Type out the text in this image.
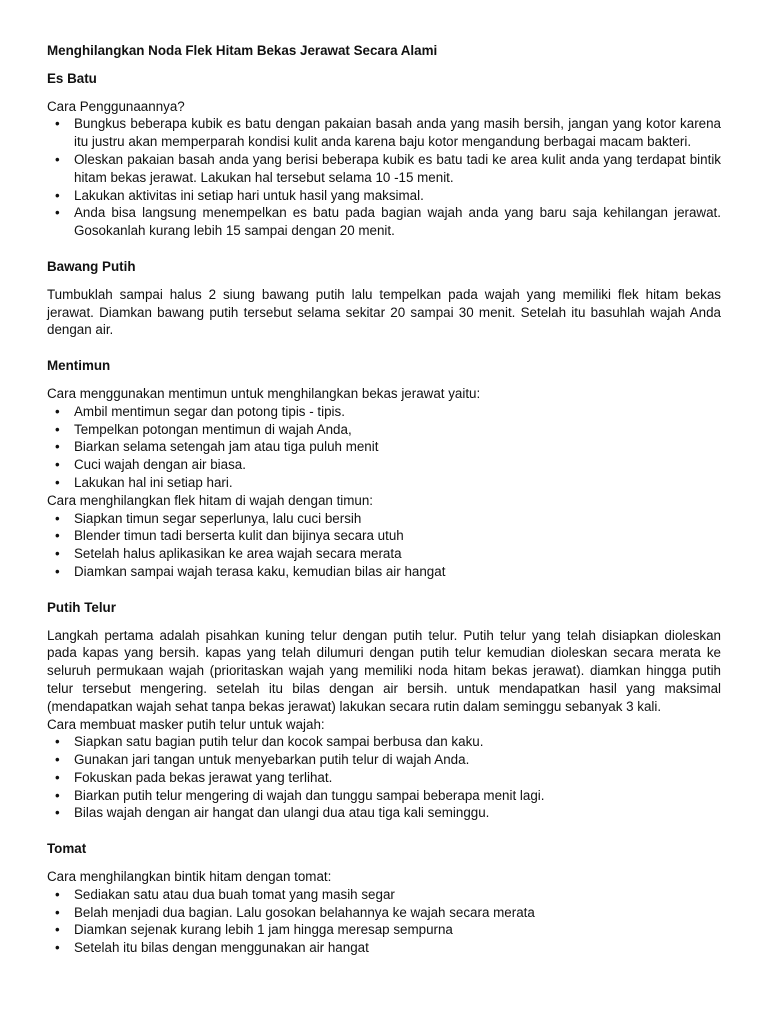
Menghilangkan Noda Flek Hitam Bekas Jerawat Secara Alami

Es Batu

Cara Penggunaannya?

• Bungkus beberapa kubik es batu dengan pakaian basah anda yang masih bersih, jangan yang kotor karena itu justru akan memperparah kondisi kulit anda karena baju kotor mengandung berbagai macam bakteri.
• Oleskan pakaian basah anda yang berisi beberapa kubik es batu tadi ke area kulit anda yang terdapat bintik hitam bekas jerawat. Lakukan hal tersebut selama 10 -15 menit.
• Lakukan aktivitas ini setiap hari untuk hasil yang maksimal.
• Anda bisa langsung menempelkan es batu pada bagian wajah anda yang baru saja kehilangan jerawat. Gosokanlah kurang lebih 15 sampai dengan 20 menit.

Bawang Putih

Tumbuklah sampai halus 2 siung bawang putih lalu tempelkan pada wajah yang memiliki flek hitam bekas jerawat. Diamkan bawang putih tersebut selama sekitar 20 sampai 30 menit. Setelah itu basuhlah wajah Anda dengan air.

Mentimun

Cara menggunakan mentimun untuk menghilangkan bekas jerawat yaitu:

• Ambil mentimun segar dan potong tipis - tipis.
• Tempelkan potongan mentimun di wajah Anda,
• Biarkan selama setengah jam atau tiga puluh menit
• Cuci wajah dengan air biasa.
• Lakukan hal ini setiap hari.

Cara menghilangkan flek hitam di wajah dengan timun:

• Siapkan timun segar seperlunya, lalu cuci bersih
• Blender timun tadi berserta kulit dan bijinya secara utuh
• Setelah halus aplikasikan ke area wajah secara merata
• Diamkan sampai wajah terasa kaku, kemudian bilas air hangat

Putih Telur

Langkah pertama adalah pisahkan kuning telur dengan putih telur. Putih telur yang telah disiapkan dioleskan pada kapas yang bersih. kapas yang telah dilumuri dengan putih telur kemudian dioleskan secara merata ke seluruh permukaan wajah (prioritaskan wajah yang memiliki noda hitam bekas jerawat). diamkan hingga putih telur tersebut mengering. setelah itu bilas dengan air bersih. untuk mendapatkan hasil yang maksimal (mendapatkan wajah sehat tanpa bekas jerawat) lakukan secara rutin dalam seminggu sebanyak 3 kali.

Cara membuat masker putih telur untuk wajah:

• Siapkan satu bagian putih telur dan kocok sampai berbusa dan kaku.
• Gunakan jari tangan untuk menyebarkan putih telur di wajah Anda.
• Fokuskan pada bekas jerawat yang terlihat.
• Biarkan putih telur mengering di wajah dan tunggu sampai beberapa menit lagi.
• Bilas wajah dengan air hangat dan ulangi dua atau tiga kali seminggu.

Tomat

Cara menghilangkan bintik hitam dengan tomat:

• Sediakan satu atau dua buah tomat yang masih segar
• Belah menjadi dua bagian. Lalu gosokan belahannya ke wajah secara merata
• Diamkan sejenak kurang lebih 1 jam hingga meresap sempurna
• Setelah itu bilas dengan menggunakan air hangat
